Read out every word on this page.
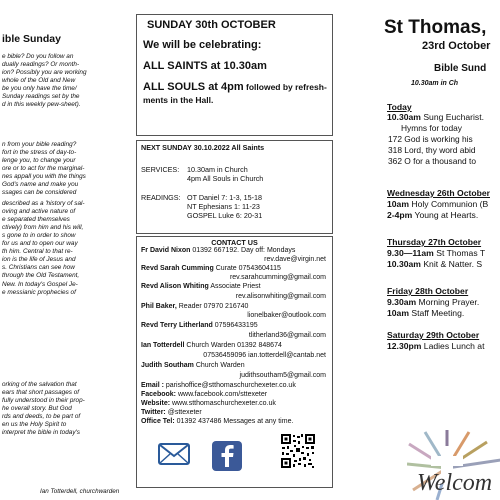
ible Sunday
e bible? Do you follow an
dually readings? Or month-
ion? Possibly you are working
whole of the Old and New
be you only have the time/
Sunday readings set by the
d in this weekly pew-sheet).
n from your bible reading?
fort in the stress of day-to-
lenge you, to change your
ore or to act for the marginal-
nes appall you with the things
God's name and make you
ssages can be considered
described as a 'history of sal-
oving and active nature of
e separated themselves
ctively) from him and his will,
s gone to in order to show
for us and to open our way
th him. Central to that re-
ion is the life of Jesus and
s. Christians can see how
through the Old Testament,
New. In today's Gospel Je-
e messianic prophecies of
orking of the salvation that
ears that short passages of
fully understood in their prop-
he overall story. But God
rds and deeds, to be part of
en us the Holy Spirit to
interpret the bible in today's
Ian Totterdell, churchwarden
SUNDAY 30th OCTOBER
We will be celebrating:
ALL SAINTS at 10.30am
ALL SOULS at 4pm followed by refresh-ments in the Hall.
NEXT SUNDAY 30.10.2022 All Saints
SERVICES: 10.30am in Church
4pm All Souls in Church
READINGS: OT Daniel 7: 1-3, 15-18
NT Ephesians 1: 11-23
GOSPEL Luke 6: 20-31
CONTACT US
Fr David Nixon 01392 667192. Day off: Mondays
rev.dave@virgin.net
Revd Sarah Cumming Curate 07543604115
rev.sarahcumming@gmail.com
Revd Alison Whiting Associate Priest
rev.alisonwhiting@gmail.com
Phil Baker, Reader 07970 216740
lionelbaker@outlook.com
Revd Terry Litherland 07596433195
tlitherland36@gmail.com
Ian Totterdell Church Warden 01392 848674
07536459096 ian.totterdell@cantab.net
Judith Southam Church Warden
judithsoutham5@gmail.com
Email : parishoffice@stthomaschurchexeter.co.uk
Facebook: www.facebook.com/sttexeter
Website: www.stthomaschurchexeter.co.uk
Twitter: @sttexeter
Office Tel: 01392 437486 Messages at any time.
St Thomas,
23rd October
Bible Sund
10.30am in Ch
Today
10.30am Sung Eucharist.
Hymns for today
172 God is working his
318 Lord, thy word abid
362 O for a thousand to
Wednesday 26th October
10am Holy Communion (B
2-4pm Young at Hearts.
Thursday 27th October
9.30—11am St Thomas T
10.30am Knit & Natter. S
Friday 28th October
9.30am Morning Prayer.
10am Staff Meeting.
Saturday 29th October
12.30pm Ladies Lunch at
Welcom
